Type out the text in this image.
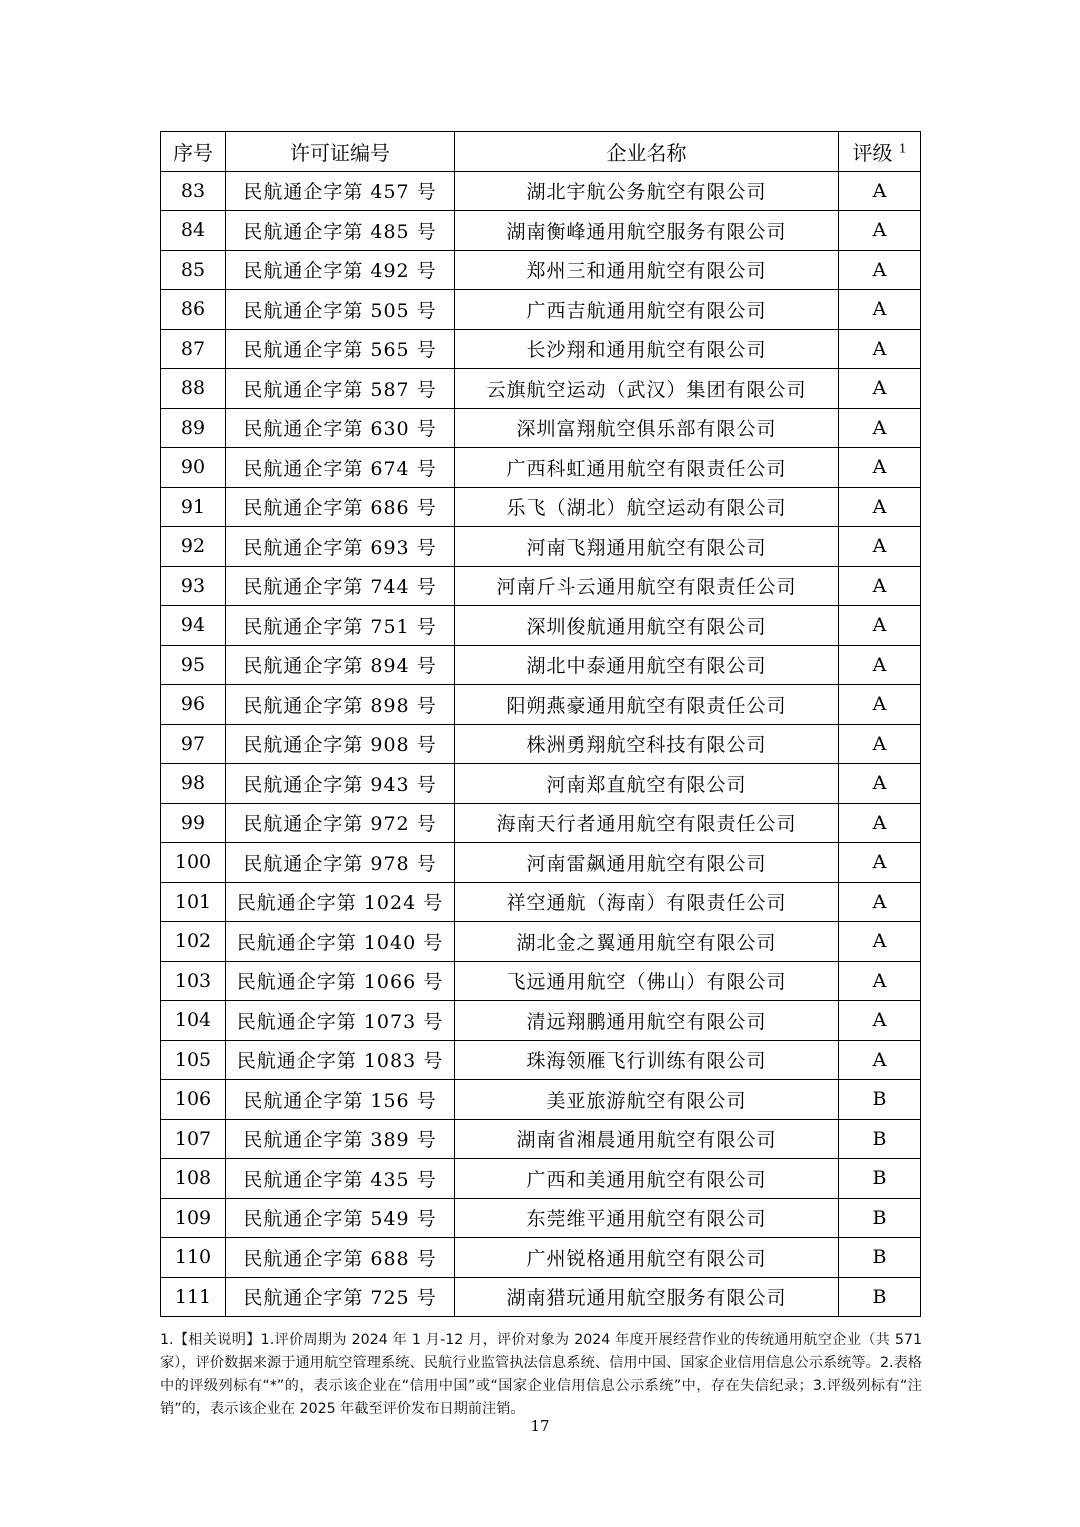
序号	许可证编号	企业名称	评级 $^1$
83	民航通企字第 457 号	湖北宇航公务航空有限公司	A
84	民航通企字第 485 号	湖南衡峰通用航空服务有限公司	A
85	民航通企字第 492 号	郑州三和通用航空有限公司	A
86	民航通企字第 505 号	广西吉航通用航空有限公司	A
87	民航通企字第 565 号	长沙翔和通用航空有限公司	A
88	民航通企字第 587 号	云旗航空运动（武汉）集团有限公司	A
89	民航通企字第 630 号	深圳富翔航空俱乐部有限公司	A
90	民航通企字第 674 号	广西科虹通用航空有限责任公司	A
91	民航通企字第 686 号	乐飞（湖北）航空运动有限公司	A
92	民航通企字第 693 号	河南飞翔通用航空有限公司	A
93	民航通企字第 744 号	河南斤斗云通用航空有限责任公司	A
94	民航通企字第 751 号	深圳俊航通用航空有限公司	A
95	民航通企字第 894 号	湖北中泰通用航空有限公司	A
96	民航通企字第 898 号	阳朔燕豪通用航空有限责任公司	A
97	民航通企字第 908 号	株洲勇翔航空科技有限公司	A
98	民航通企字第 943 号	河南郑直航空有限公司	A
99	民航通企字第 972 号	海南天行者通用航空有限责任公司	A
100	民航通企字第 978 号	河南雷飙通用航空有限公司	A
101	民航通企字第 1024 号	祥空通航（海南）有限责任公司	A
102	民航通企字第 1040 号	湖北金之翼通用航空有限公司	A
103	民航通企字第 1066 号	飞远通用航空（佛山）有限公司	A
104	民航通企字第 1073 号	清远翔鹏通用航空有限公司	A
105	民航通企字第 1083 号	珠海领雁飞行训练有限公司	A
106	民航通企字第 156 号	美亚旅游航空有限公司	B
107	民航通企字第 389 号	湖南省湘晨通用航空有限公司	B
108	民航通企字第 435 号	广西和美通用航空有限公司	B
109	民航通企字第 549 号	东莞维平通用航空有限公司	B
110	民航通企字第 688 号	广州锐格通用航空有限公司	B
111	民航通企字第 725 号	湖南猎玩通用航空服务有限公司	B
1.【相关说明】1.评价周期为 2024 年 1 月-12 月，评价对象为 2024 年度开展经营作业的传统通用航空企业（共 571 家），评价数据来源于通用航空管理系统、民航行业监管执法信息系统、信用中国、国家企业信用信息公示系统等。2.表格中的评级列标有“*”的，表示该企业在“信用中国”或“国家企业信用信息公示系统”中，存在失信纪录；3.评级列标有“注销”的，表示该企业在 2025 年截至评价发布日期前注销。
17
